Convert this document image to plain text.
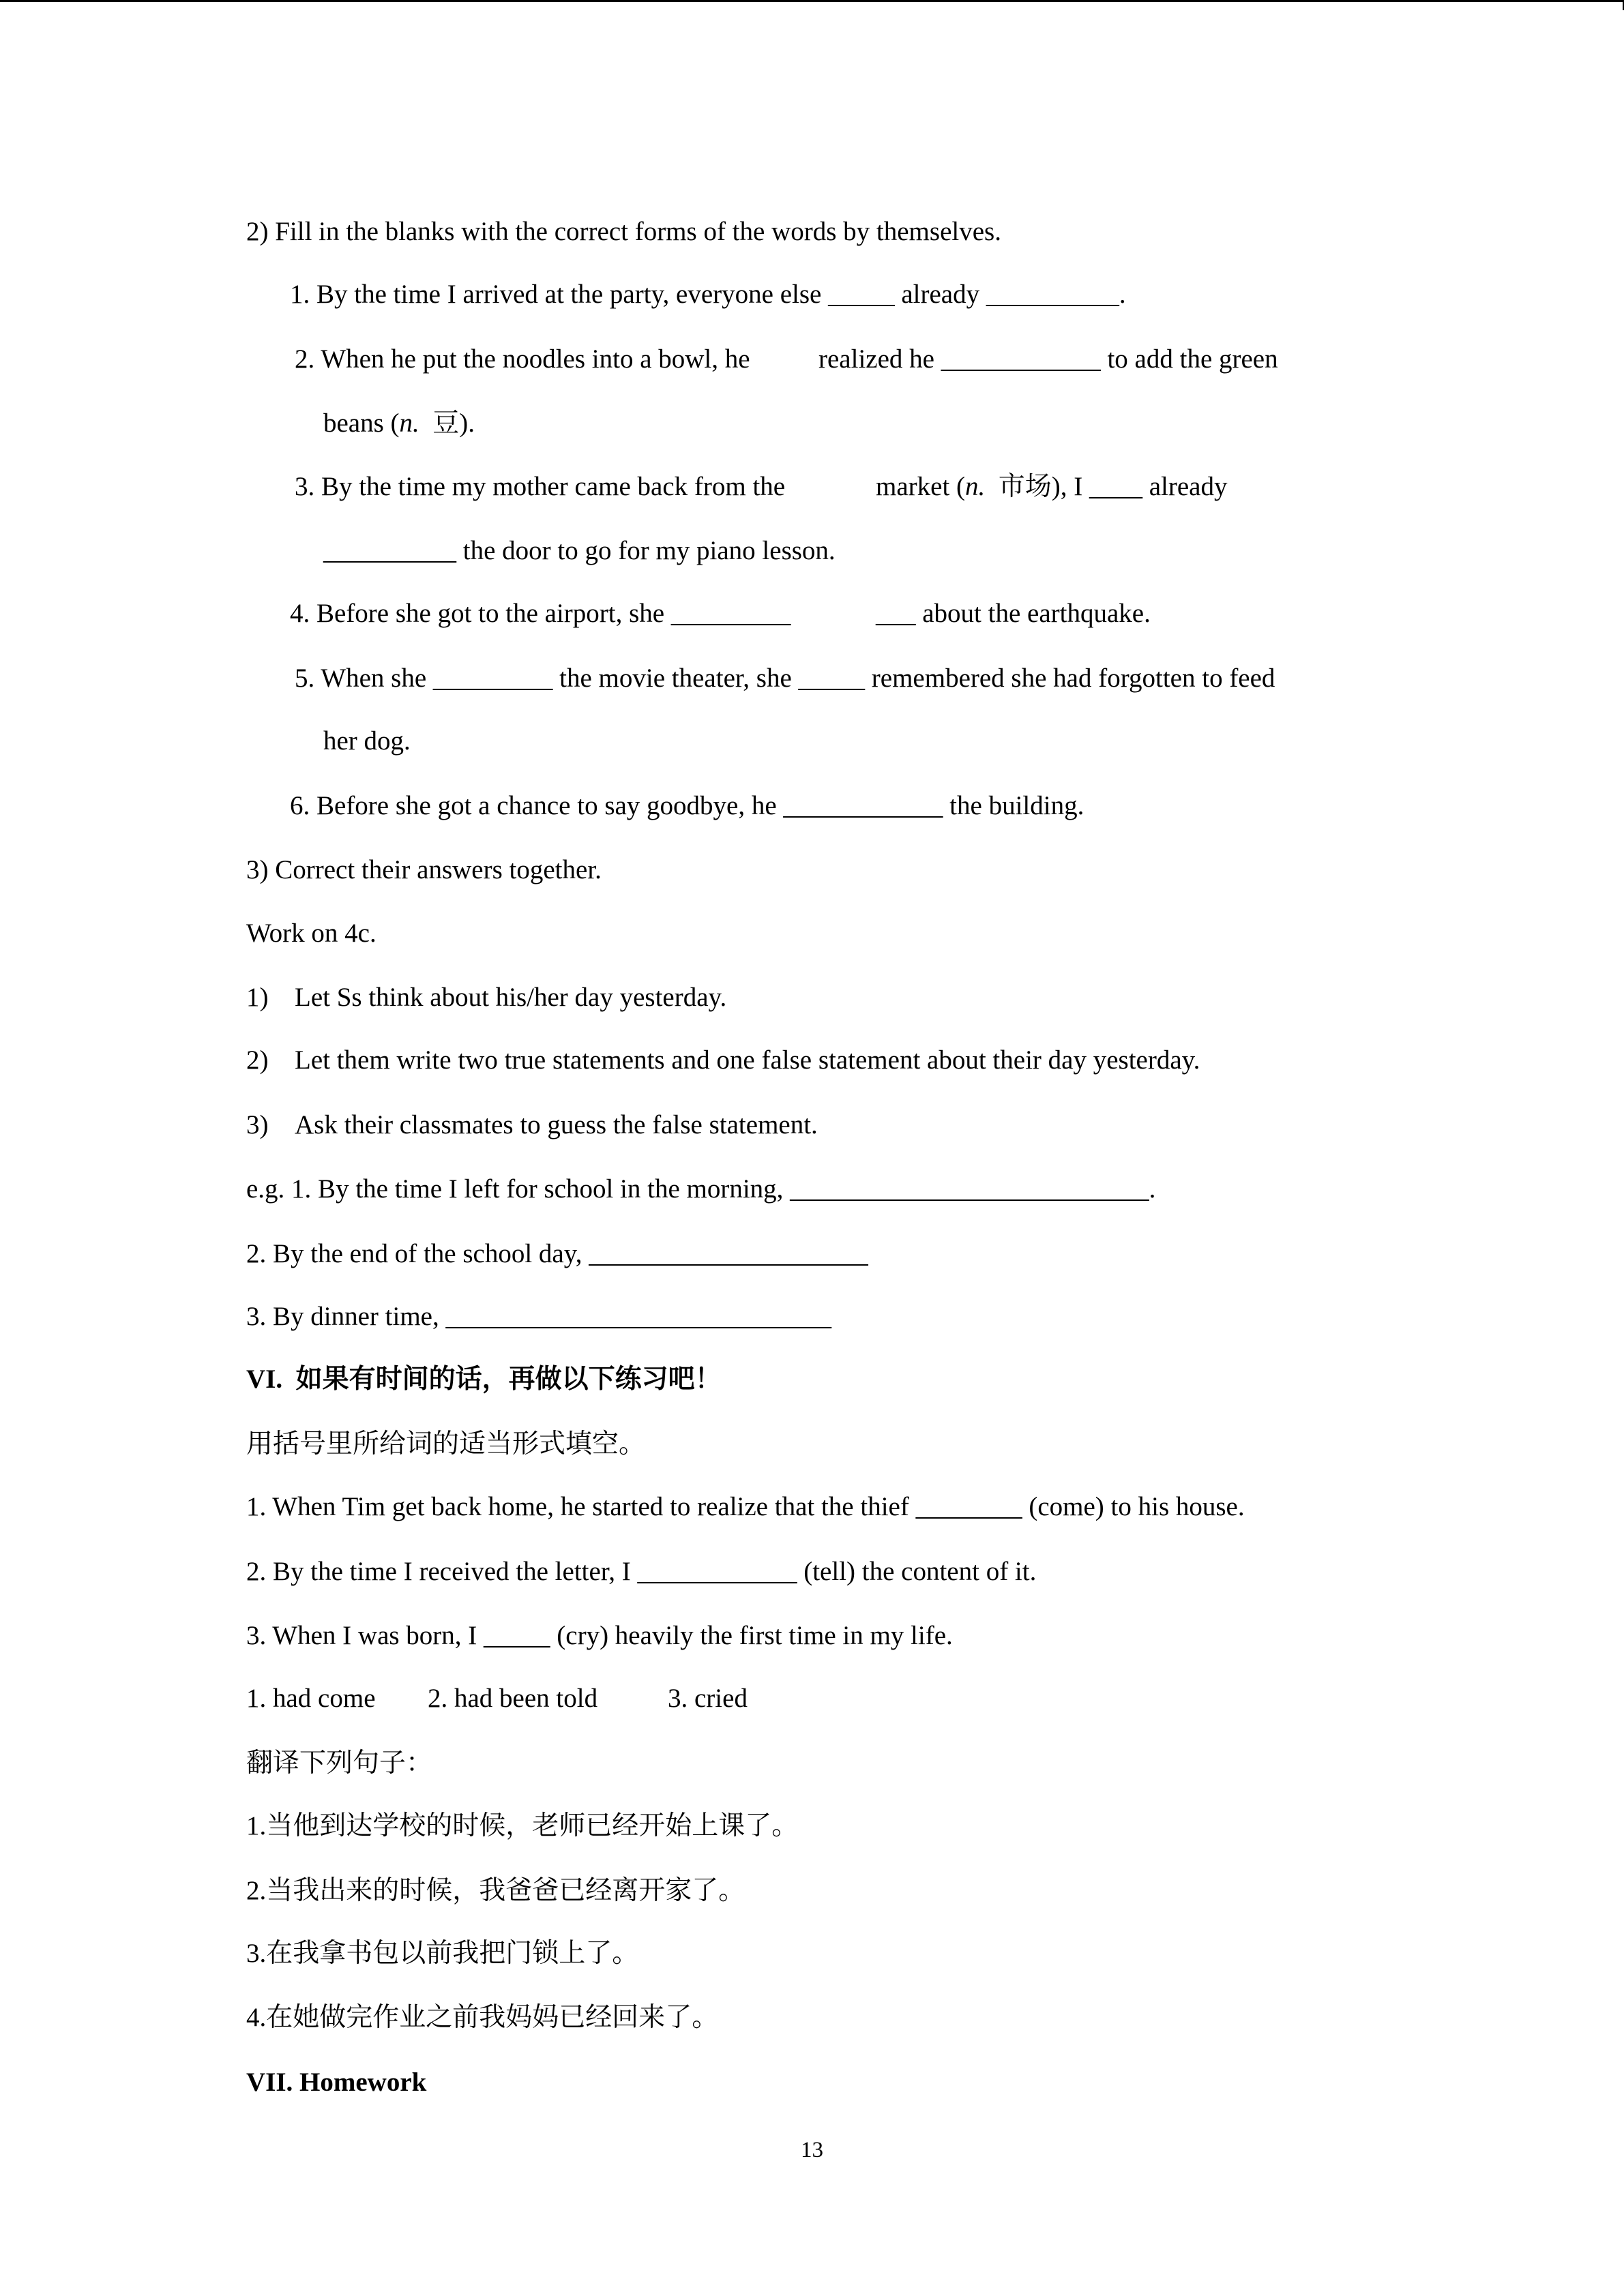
2) Fill in the blanks with the correct forms of the words by themselves.
1. By the time I arrived at the party, everyone else _____ already __________.
2. When he put the noodles into a bowl, he	realized he ____________ to add the green
beans (n.  豆).
3. By the time my mother came back from the	market (n.  市场), I ____ already
__________ the door to go for my piano lesson.
4. Before she got to the airport, she _________	___ about the earthquake.
5. When she _________ the movie theater, she _____ remembered she had forgotten to feed
her dog.
6. Before she got a chance to say goodbye, he ____________ the building.
3) Correct their answers together.
Work on 4c.
1) Let Ss think about his/her day yesterday.
2) Let them write two true statements and one false statement about their day yesterday.
3) Ask their classmates to guess the false statement.
e.g. 1. By the time I left for school in the morning, ___________________________.
2. By the end of the school day, _____________________
3. By dinner time, _____________________________
VI.  如果有时间的话，再做以下练习吧！
用括号里所给词的适当形式填空。
1. When Tim get back home, he started to realize that the thief ________ (come) to his house.
2. By the time I received the letter, I ____________ (tell) the content of it.
3. When I was born, I _____ (cry) heavily the first time in my life.
1. had come 2. had been told	3. cried
翻译下列句子：
1.当他到达学校的时候，老师已经开始上课了。
2.当我出来的时候，我爸爸已经离开家了。
3.在我拿书包以前我把门锁上了。
4.在她做完作业之前我妈妈已经回来了。
VII. Homework
13
